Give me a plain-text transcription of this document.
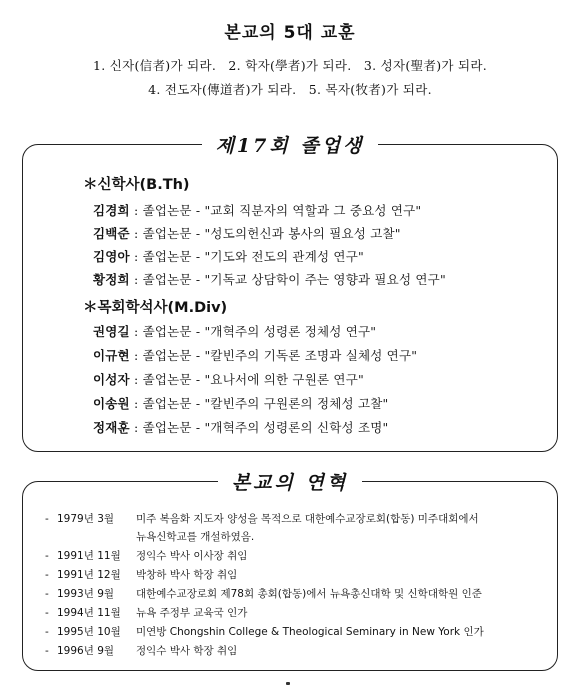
본교의 5대 교훈
1. 신자(信者)가 되라. 2. 학자(學者)가 되라. 3. 성자(聖者)가 되라.
4. 전도자(傳道者)가 되라. 5. 목자(牧者)가 되라.
제17회 졸업생
＊신학사(B.Th)
김경희 : 졸업논문 - "교회 직분자의 역할과 그 중요성 연구"
김백준 : 졸업논문 - "성도의헌신과 봉사의 필요성 고찰"
김영아 : 졸업논문 - "기도와 전도의 관계성 연구"
황정희 : 졸업논문 - "기독교 상담학이 주는 영향과 필요성 연구"
＊목회학석사(M.Div)
권영길 : 졸업논문 - "개혁주의 성령론 정체성 연구"
이규현 : 졸업논문 - "칼빈주의 기독론 조명과 실체성 연구"
이성자 : 졸업논문 - "요나서에 의한 구원론 연구"
이송원 : 졸업논문 - "칼빈주의 구원론의 정체성 고찰"
정재훈 : 졸업논문 - "개혁주의 성령론의 신학성 조명"
본교의 연혁
- 1979년 3월 미주 복음화 지도자 양성을 목적으로 대한예수교장로회(합동) 미주대회에서
뉴욕신학교를 개설하였음.
- 1991년 11월 정익수 박사 이사장 취임
- 1991년 12월 박창하 박사 학장 취임
- 1993년 9월 대한예수교장로회 제78회 총회(합동)에서 뉴욕총신대학 및 신학대학원 인준
- 1994년 11월 뉴욕 주정부 교육국 인가
- 1995년 10월 미연방 Chongshin College & Theological Seminary in New York 인가
- 1996년 9월 정익수 박사 학장 취임
